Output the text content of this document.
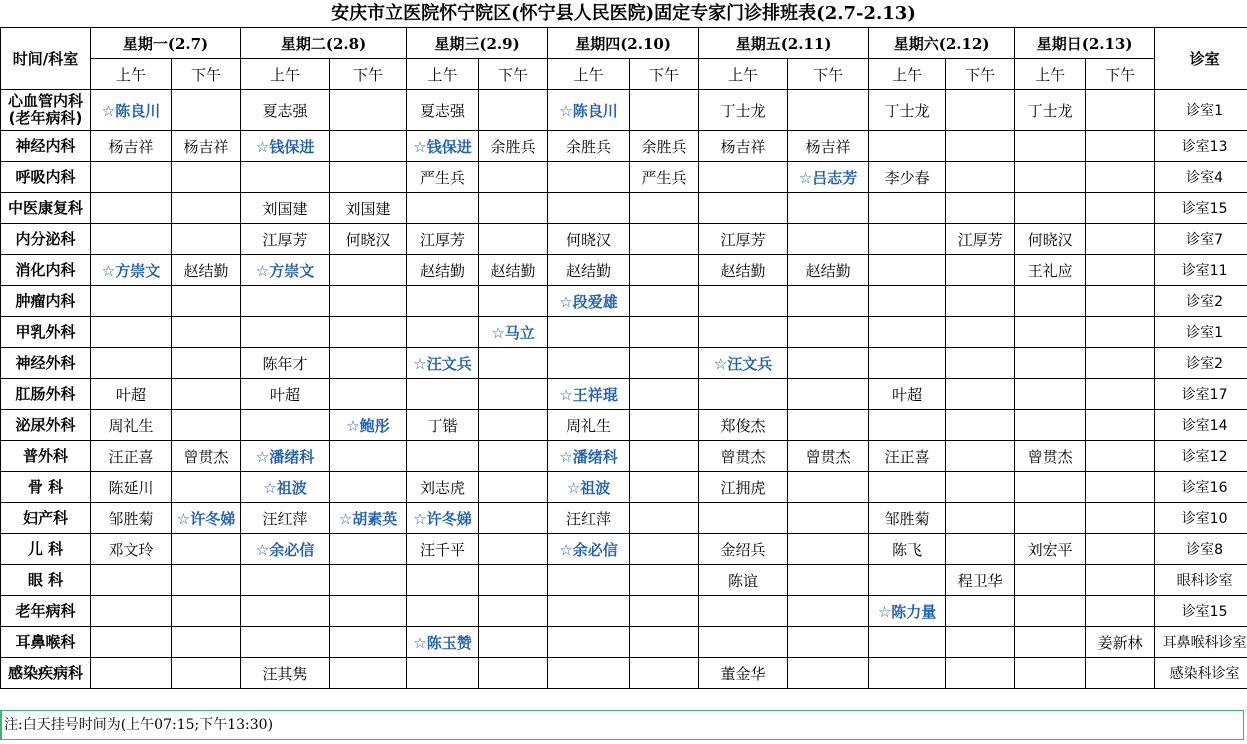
安庆市立医院怀宁院区(怀宁县人民医院)固定专家门诊排班表(2.7-2.13)
时间/科室	星期一(2.7)		星期二(2.8)		星期三(2.9)		星期四(2.10)		星期五(2.11)		星期六(2.12)		星期日(2.13)		诊室
	上午	下午	上午	下午	上午	下午	上午	下午	上午	下午	上午	下午	上午	下午	
心血管内科(老年病科)	☆陈良川		夏志强		夏志强		☆陈良川		丁士龙		丁士龙		丁士龙		诊室1
神经内科	杨吉祥	杨吉祥	☆钱保进		☆钱保进	余胜兵	余胜兵	余胜兵	杨吉祥	杨吉祥					诊室13
呼吸内科					严生兵			严生兵		☆吕志芳	李少春				诊室4
中医康复科			刘国建	刘国建											诊室15
内分泌科			江厚芳	何晓汉	江厚芳		何晓汉		江厚芳			江厚芳	何晓汉		诊室7
消化内科	☆方崇文	赵结勤	☆方崇文		赵结勤	赵结勤	赵结勤		赵结勤	赵结勤			王礼应		诊室11
肿瘤内科							☆段爱雄								诊室2
甲乳外科						☆马立									诊室1
神经外科			陈年才		☆汪文兵				☆汪文兵						诊室2
肛肠外科	叶超		叶超				☆王祥琨				叶超				诊室17
泌尿外科	周礼生			☆鲍彤	丁锴		周礼生		郑俊杰						诊室14
普外科	汪正喜	曾贯杰	☆潘绪科				☆潘绪科		曾贯杰	曾贯杰	汪正喜		曾贯杰		诊室12
骨 科	陈延川		☆祖波		刘志虎		☆祖波		江拥虎						诊室16
妇产科	邹胜菊	☆许冬娣	汪红萍	☆胡素英	☆许冬娣		汪红萍				邹胜菊				诊室10
儿 科	邓文玲		☆余必信		汪千平		☆余必信		金绍兵		陈飞		刘宏平		诊室8
眼 科									陈谊			程卫华			眼科诊室
老年病科											☆陈力量				诊室15
耳鼻喉科					☆陈玉赞									姜新林	耳鼻喉科诊室
感染疾病科			汪其隽						董金华						感染科诊室
注:白天挂号时间为(上午07:15;下午13:30)
